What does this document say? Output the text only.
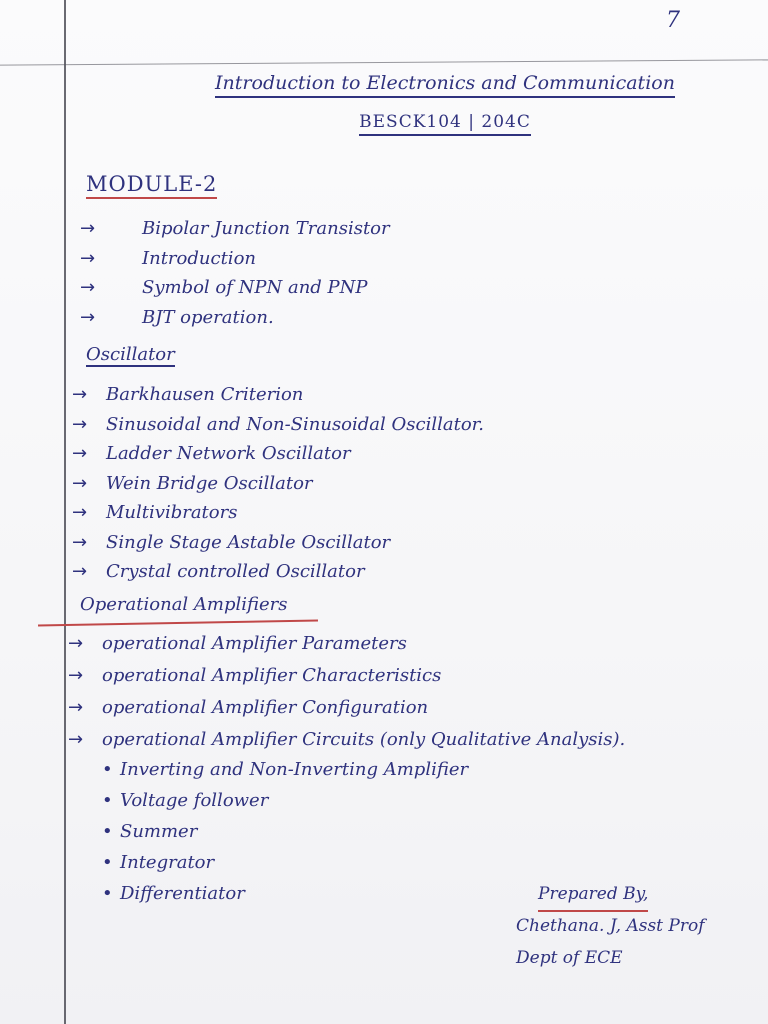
7
Introduction to Electronics and Communication
BESCK104 | 204C
MODULE-2
→	Bipolar Junction Transistor
→	Introduction
→	Symbol of NPN and PNP
→	BJT operation.
Oscillator
→ Barkhausen Criterion
→ Sinusoidal and Non-Sinusoidal Oscillator.
→ Ladder Network Oscillator
→ Wein Bridge Oscillator
→ Multivibrators
→ Single Stage Astable Oscillator
→ Crystal controlled Oscillator
Operational Amplifiers
→ operational Amplifier Parameters
→ operational Amplifier Characteristics
→ operational Amplifier Configuration
→ operational Amplifier Circuits (only Qualitative Analysis).
• Inverting and Non-Inverting Amplifier
• Voltage follower
• Summer
• Integrator
• Differentiator	Prepared By,
Chethana. J, Asst Prof
Dept of ECE
